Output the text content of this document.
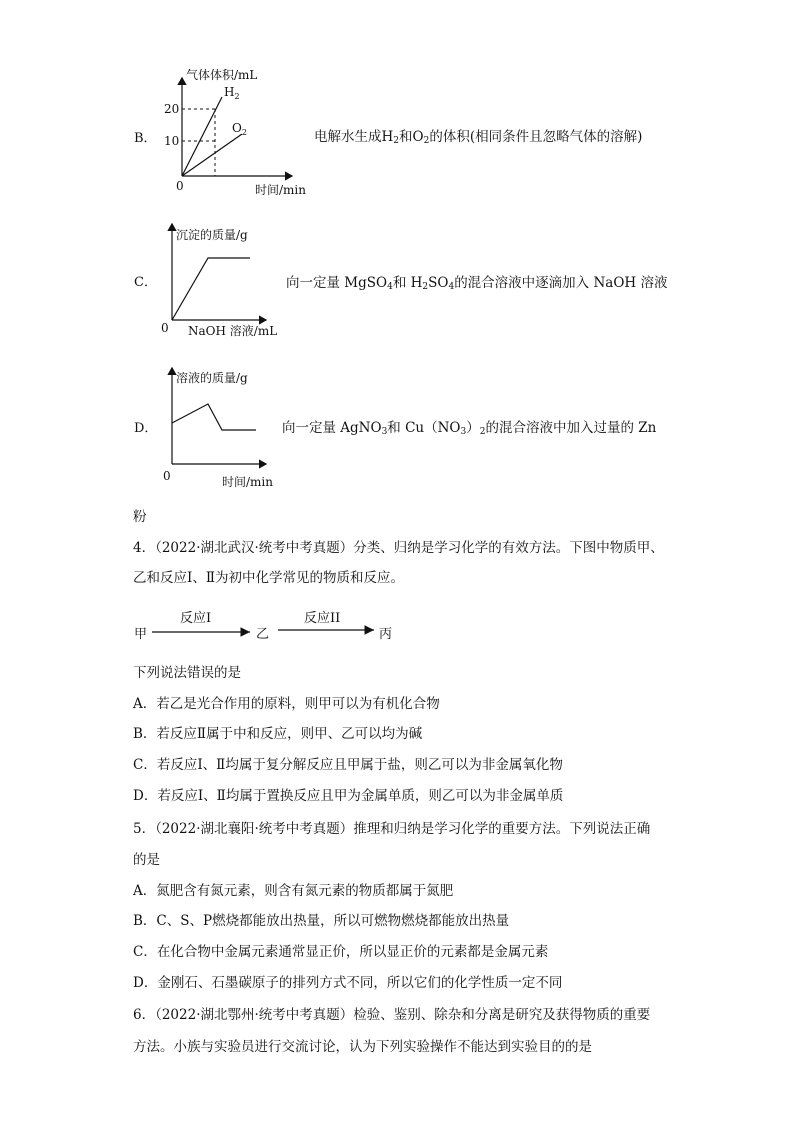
B．
气体体积/mL
时间/min
0
20
10
$H_2$
$O_2$	电解水生成$H_2$和$O_2$的体积(相同条件且忽略气体的溶解)
C．
沉淀的质量/g
NaOH 溶液/mL
0
向一定量 MgSO$_4$和 $H_2SO_4$的混合溶液中逐滴加入 NaOH 溶液
D．
溶液的质量/g
时间/min
0
向一定量 AgNO$_3$和 $Cu(NO_3)_2$的混合溶液中加入过量的 Zn
粉
4．（2022·湖北武汉·统考中考真题）分类、归纳是学习化学的有效方法。下图中物质甲、
乙和反应Ⅰ、Ⅱ为初中化学常见的物质和反应。
甲
反应I
乙
反应II
丙
下列说法错误的是
A．若乙是光合作用的原料，则甲可以为有机化合物
B．若反应Ⅱ属于中和反应，则甲、乙可以均为碱
C．若反应Ⅰ、Ⅱ均属于复分解反应且甲属于盐，则乙可以为非金属氧化物
D．若反应Ⅰ、Ⅱ均属于置换反应且甲为金属单质，则乙可以为非金属单质
5．（2022·湖北襄阳·统考中考真题）推理和归纳是学习化学的重要方法。下列说法正确
的是
A．氮肥含有氮元素，则含有氮元素的物质都属于氮肥
B．C、S、P燃烧都能放出热量，所以可燃物燃烧都能放出热量
C．在化合物中金属元素通常显正价，所以显正价的元素都是金属元素
D．金刚石、石墨碳原子的排列方式不同，所以它们的化学性质一定不同
6．（2022·湖北鄂州·统考中考真题）检验、鉴别、除杂和分离是研究及获得物质的重要
方法。小族与实验员进行交流讨论，认为下列实验操作不能达到实验目的的是
